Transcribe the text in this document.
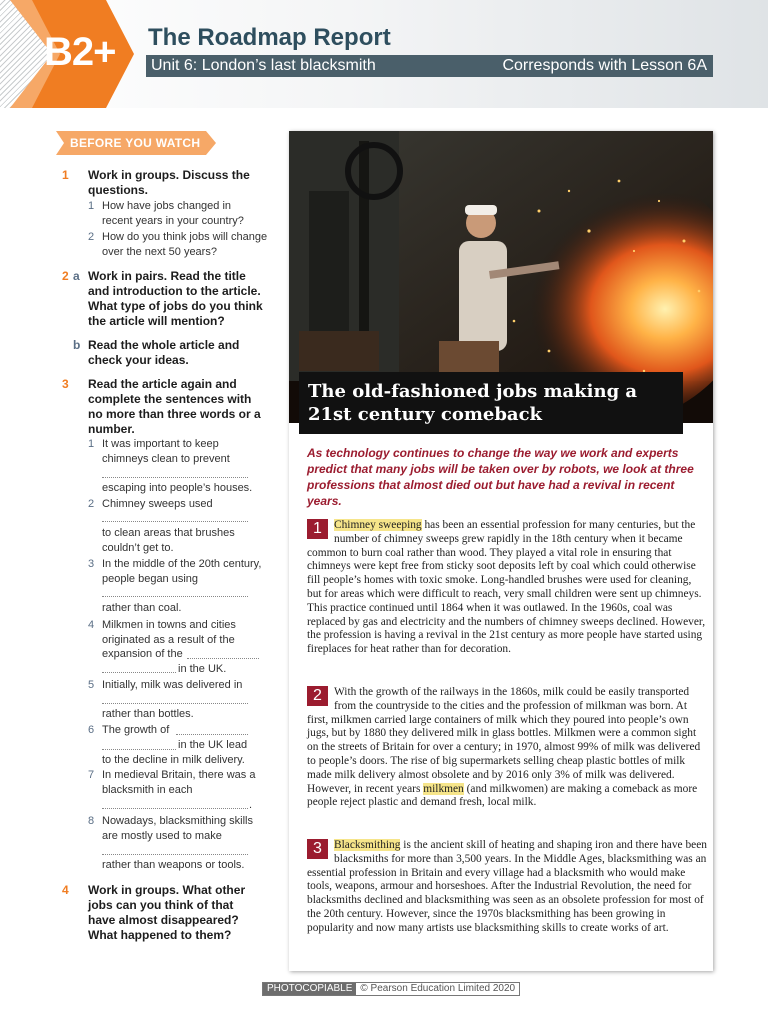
B2+ The Roadmap Report
Unit 6: London’s last blacksmith	Corresponds with Lesson 6A
BEFORE YOU WATCH
1 Work in groups. Discuss the
questions.
1 How have jobs changed in
recent years in your country?
2 How do you think jobs will change
over the next 50 years?
2 a Work in pairs. Read the title
and introduction to the article.
What type of jobs do you think
the article will mention?
b Read the whole article and
check your ideas.
3 Read the article again and
complete the sentences with
no more than three words or a
number.
1 It was important to keep
chimneys clean to prevent
escaping into people’s houses.
2 Chimney sweeps used
to clean areas that brushes
couldn’t get to.
3 In the middle of the 20th century,
people began using
rather than coal.
4 Milkmen in towns and cities
originated as a result of the
expansion of the
in the UK.
5 Initially, milk was delivered in
rather than bottles.
6 The growth of
in the UK lead
to the decline in milk delivery.
7 In medieval Britain, there was a
blacksmith in each
.
8 Nowadays, blacksmithing skills
are mostly used to make
rather than weapons or tools.
4 Work in groups. What other
jobs can you think of that
have almost disappeared?
What happened to them?
The old-fashioned jobs making a 21st century comeback
As technology continues to change the way we work and experts predict that many jobs will be taken over by robots, we look at three professions that almost died out but have had a revival in recent years.
1	Chimney sweeping has been an essential profession for many centuries, but the number of chimney sweeps grew rapidly in the 18th century when it became common to burn coal rather than wood. They played a vital role in ensuring that chimneys were kept free from sticky soot deposits left by coal which could otherwise fill people’s homes with toxic smoke. Long-handled brushes were used for cleaning, but for areas which were difficult to reach, very small children were sent up chimneys. This practice continued until 1864 when it was outlawed. In the 1960s, coal was replaced by gas and electricity and the numbers of chimney sweeps declined. However, the profession is having a revival in the 21st century as more people have started using fireplaces for heat rather than for decoration.
2	With the growth of the railways in the 1860s, milk could be easily transported from the countryside to the cities and the profession of milkman was born. At first, milkmen carried large containers of milk which they poured into people’s own jugs, but by 1880 they delivered milk in glass bottles. Milkmen were a common sight on the streets of Britain for over a century; in 1970, almost 99% of milk was delivered to people’s doors. The rise of big supermarkets selling cheap plastic bottles of milk made milk delivery almost obsolete and by 2016 only 3% of milk was delivered. However, in recent years milkmen (and milkwomen) are making a comeback as more people reject plastic and demand fresh, local milk.
3	Blacksmithing is the ancient skill of heating and shaping iron and there have been blacksmiths for more than 3,500 years. In the Middle Ages, blacksmithing was an essential profession in Britain and every village had a blacksmith who would make tools, weapons, armour and horseshoes. After the Industrial Revolution, the need for blacksmiths declined and blacksmithing was seen as an obsolete profession for most of the 20th century. However, since the 1970s blacksmithing has been growing in popularity and now many artists use blacksmithing skills to create works of art.
PHOTOCOPIABLE © Pearson Education Limited 2020
